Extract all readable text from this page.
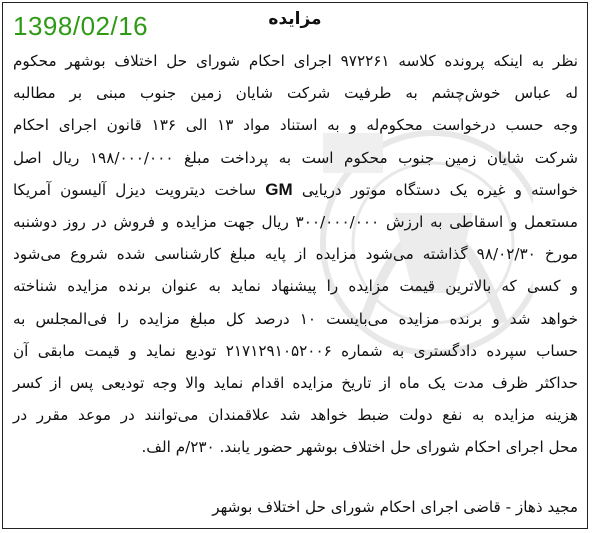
1398/02/16	مزایده
نظر به اینکه پرونده کلاسه ۹۷۲۲۶۱ اجرای احکام شورای حل اختلاف بوشهر محکوم
له عباس خوش‌چشم به طرفیت شرکت شایان زمین جنوب مبنی بر مطالبه
وجه حسب درخواست محکوم‌له و به استناد مواد ۱۳ الی ۱۳۶ قانون اجرای احکام
شرکت شایان زمین جنوب محکوم است به پرداخت مبلغ ۱۹۸/۰۰۰/۰۰۰ ریال اصل
خواسته و غیره یک دستگاه موتور دریایی GM ساخت دیترویت دیزل آلیسون آمریکا
مستعمل و اسقاطی به ارزش ۳۰۰/۰۰۰/۰۰۰ ریال جهت مزایده و فروش در روز دوشنبه
مورخ ۹۸/۰۲/۳۰ گذاشته می‌شود مزایده از پایه مبلغ کارشناسی شده شروع می‌شود
و کسی که بالاترین قیمت مزایده را پیشنهاد نماید به عنوان برنده مزایده شناخته
خواهد شد و برنده مزایده می‌بایست ۱۰ درصد کل مبلغ مزایده را فی‌المجلس به
حساب سپرده دادگستری به شماره ۲۱۷۱۲۹۱۰۵۲۰۰۶ تودیع نماید و قیمت مابقی آن
حداکثر ظرف مدت یک ماه از تاریخ مزایده اقدام نماید والا وجه تودیعی پس از کسر
هزینه مزایده به نفع دولت ضبط خواهد شد علاقمندان می‌توانند در موعد مقرر در
محل اجرای احکام شورای حل اختلاف بوشهر حضور یابند. ۲۳۰/م الف.
مجید ذهاز - قاضی اجرای احکام شورای حل اختلاف بوشهر
